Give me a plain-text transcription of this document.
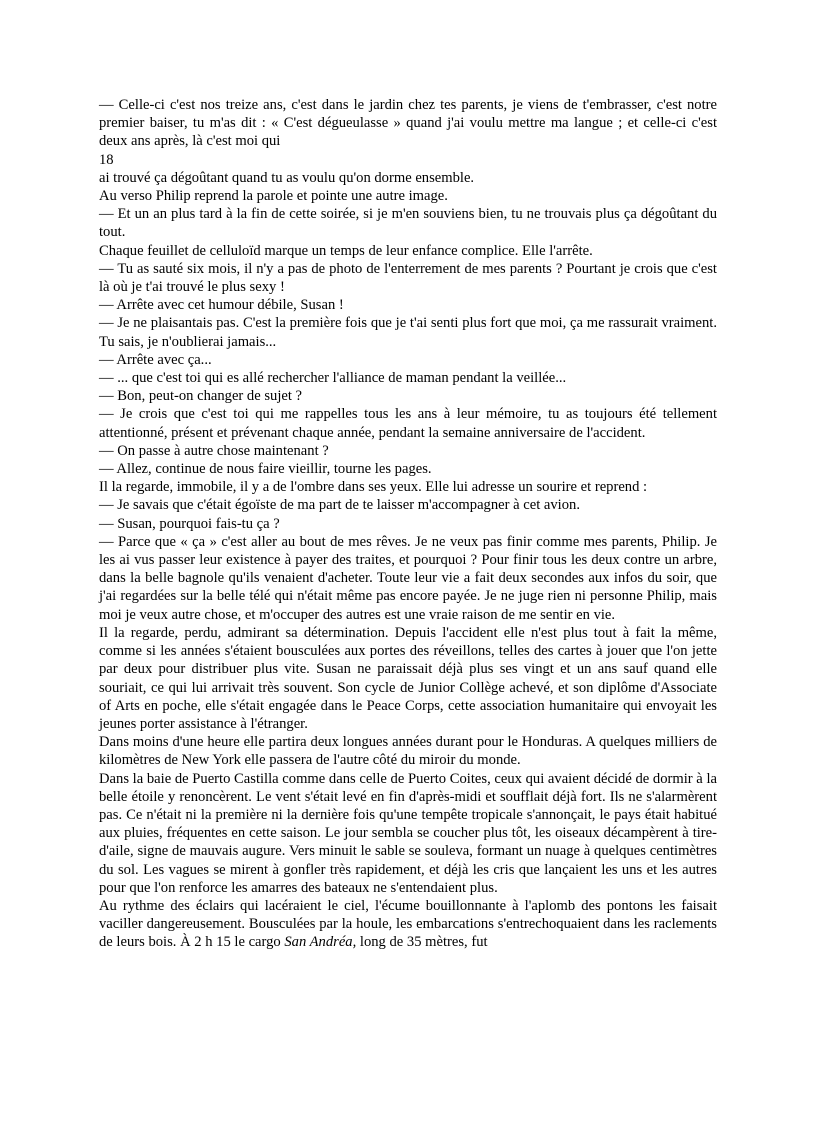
— Celle-ci c'est nos treize ans, c'est dans le jardin chez tes parents, je viens de t'embrasser, c'est notre premier baiser, tu m'as dit : « C'est dégueulasse » quand j'ai voulu mettre ma langue ; et celle-ci c'est deux ans après, là c'est moi qui

18

ai trouvé ça dégoûtant quand tu as voulu qu'on dorme ensemble.

Au verso Philip reprend la parole et pointe une autre image.

— Et un an plus tard à la fin de cette soirée, si je m'en souviens bien, tu ne trouvais plus ça dégoûtant du tout.

Chaque feuillet de celluloïd marque un temps de leur enfance complice. Elle l'arrête.

— Tu as sauté six mois, il n'y a pas de photo de l'enterrement de mes parents ? Pourtant je crois que c'est là où je t'ai trouvé le plus sexy !

— Arrête avec cet humour débile, Susan !

— Je ne plaisantais pas. C'est la première fois que je t'ai senti plus fort que moi, ça me rassurait vraiment. Tu sais, je n'oublierai jamais...

— Arrête avec ça...

— ... que c'est toi qui es allé rechercher l'alliance de maman pendant la veillée...

— Bon, peut-on changer de sujet ?

— Je crois que c'est toi qui me rappelles tous les ans à leur mémoire, tu as toujours été tellement attentionné, présent et prévenant chaque année, pendant la semaine anniversaire de l'accident.

— On passe à autre chose maintenant ?

— Allez, continue de nous faire vieillir, tourne les pages.

Il la regarde, immobile, il y a de l'ombre dans ses yeux. Elle lui adresse un sourire et reprend :

— Je savais que c'était égoïste de ma part de te laisser m'accompagner à cet avion.

— Susan, pourquoi fais-tu ça ?

— Parce que « ça » c'est aller au bout de mes rêves. Je ne veux pas finir comme mes parents, Philip. Je les ai vus passer leur existence à payer des traites, et pourquoi ? Pour finir tous les deux contre un arbre, dans la belle bagnole qu'ils venaient d'acheter. Toute leur vie a fait deux secondes aux infos du soir, que j'ai regardées sur la belle télé qui n'était même pas encore payée. Je ne juge rien ni personne Philip, mais moi je veux autre chose, et m'occuper des autres est une vraie raison de me sentir en vie.

Il la regarde, perdu, admirant sa détermination. Depuis l'accident elle n'est plus tout à fait la même, comme si les années s'étaient bousculées aux portes des réveillons, telles des cartes à jouer que l'on jette par deux pour distribuer plus vite. Susan ne paraissait déjà plus ses vingt et un ans sauf quand elle souriait, ce qui lui arrivait très souvent. Son cycle de Junior Collège achevé, et son diplôme d'Associate of Arts en poche, elle s'était engagée dans le Peace Corps, cette association humanitaire qui envoyait les jeunes porter assistance à l'étranger.

Dans moins d'une heure elle partira deux longues années durant pour le Honduras. A quelques milliers de kilomètres de New York elle passera de l'autre côté du miroir du monde.

Dans la baie de Puerto Castilla comme dans celle de Puerto Coites, ceux qui avaient décidé de dormir à la belle étoile y renoncèrent. Le vent s'était levé en fin d'après-midi et soufflait déjà fort. Ils ne s'alarmèrent pas. Ce n'était ni la première ni la dernière fois qu'une tempête tropicale s'annonçait, le pays était habitué aux pluies, fréquentes en cette saison. Le jour sembla se coucher plus tôt, les oiseaux décampèrent à tire-d'aile, signe de mauvais augure. Vers minuit le sable se souleva, formant un nuage à quelques centimètres du sol. Les vagues se mirent à gonfler très rapidement, et déjà les cris que lançaient les uns et les autres pour que l'on renforce les amarres des bateaux ne s'entendaient plus.

Au rythme des éclairs qui lacéraient le ciel, l'écume bouillonnante à l'aplomb des pontons les faisait vaciller dangereusement. Bousculées par la houle, les embarcations s'entrechoquaient dans les raclements de leurs bois. À 2 h 15 le cargo San Andréa, long de 35 mètres, fut
